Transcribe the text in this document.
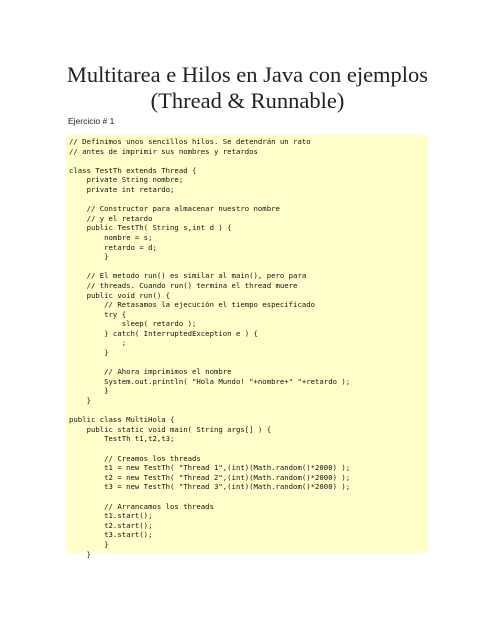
Multitarea e Hilos en Java con ejemplos
(Thread & Runnable)
Ejercicio # 1
// Definimos unos sencillos hilos. Se detendrán un rato
// antes de imprimir sus nombres y retardos
class TestTh extends Thread {
private String nombre;
private int retardo;
// Constructor para almacenar nuestro nombre
// y el retardo
public TestTh( String s,int d ) {
nombre = s;
retardo = d;
}
// El metodo run() es similar al main(), pero para
// threads. Cuando run() termina el thread muere
public void run() {
// Retasamos la ejecución el tiempo especificado
try {
sleep( retardo );
} catch( InterruptedException e ) {
;
}
// Ahora imprimimos el nombre
System.out.println( "Hola Mundo! "+nombre+" "+retardo );
}
}
public class MultiHola {
public static void main( String args[] ) {
TestTh t1,t2,t3;
// Creamos los threads
t1 = new TestTh( "Thread 1",(int)(Math.random()*2000) );
t2 = new TestTh( "Thread 2",(int)(Math.random()*2000) );
t3 = new TestTh( "Thread 3",(int)(Math.random()*2000) );
// Arrancamos los threads
t1.start();
t2.start();
t3.start();
}
}
